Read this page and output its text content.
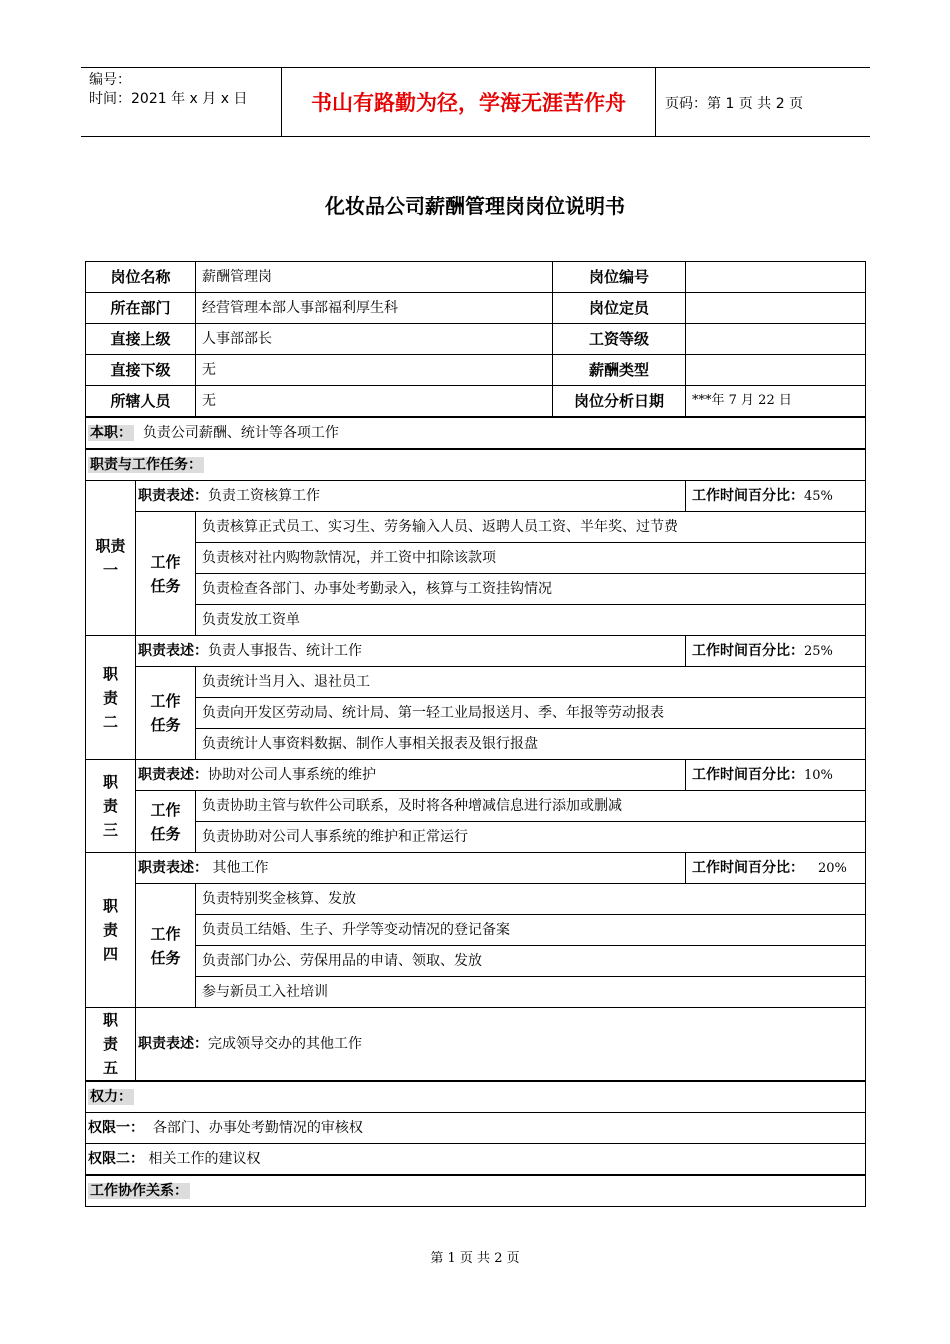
编号：
时间：2021 年 x 月 x 日	书山有路勤为径，学海无涯苦作舟	页码：第 1 页 共 2 页
化妆品公司薪酬管理岗岗位说明书
岗位名称		薪酬管理岗	岗位编号	
所在部门		经营管理本部人事部福利厚生科	岗位定员	
直接上级		人事部部长	工资等级	
直接下级		无	薪酬类型	
所辖人员		无	岗位分析日期	***年 7 月 22 日
本职： 负责公司薪酬、统计等各项工作				
职责与工作任务：				
职责一	职责表述：负责工资核算工作			工作时间百分比：45%
	工作任务	负责核算正式员工、实习生、劳务输入人员、返聘人员工资、半年奖、过节费		
		负责核对社内购物款情况，并工资中扣除该款项		
		负责检查各部门、办事处考勤录入，核算与工资挂钩情况		
		负责发放工资单		
职责二	职责表述：负责人事报告、统计工作			工作时间百分比：25%
	工作任务	负责统计当月入、退社员工		
		负责向开发区劳动局、统计局、第一轻工业局报送月、季、年报等劳动报表		
		负责统计人事资料数据、制作人事相关报表及银行报盘		
职责三	职责表述：协助对公司人事系统的维护			工作时间百分比：10%
	工作任务	负责协助主管与软件公司联系，及时将各种增减信息进行添加或删减		
		负责协助对公司人事系统的维护和正常运行		
职责四	职责表述： 其他工作			工作时间百分比： 20%
	工作任务	负责特别奖金核算、发放		
		负责员工结婚、生子、升学等变动情况的登记备案		
		负责部门办公、劳保用品的申请、领取、发放		
		参与新员工入社培训		
职责五	职责表述：完成领导交办的其他工作			
权力：				
权限一： 各部门、办事处考勤情况的审核权				
权限二： 相关工作的建议权				
工作协作关系：				
第 1 页 共 2 页
